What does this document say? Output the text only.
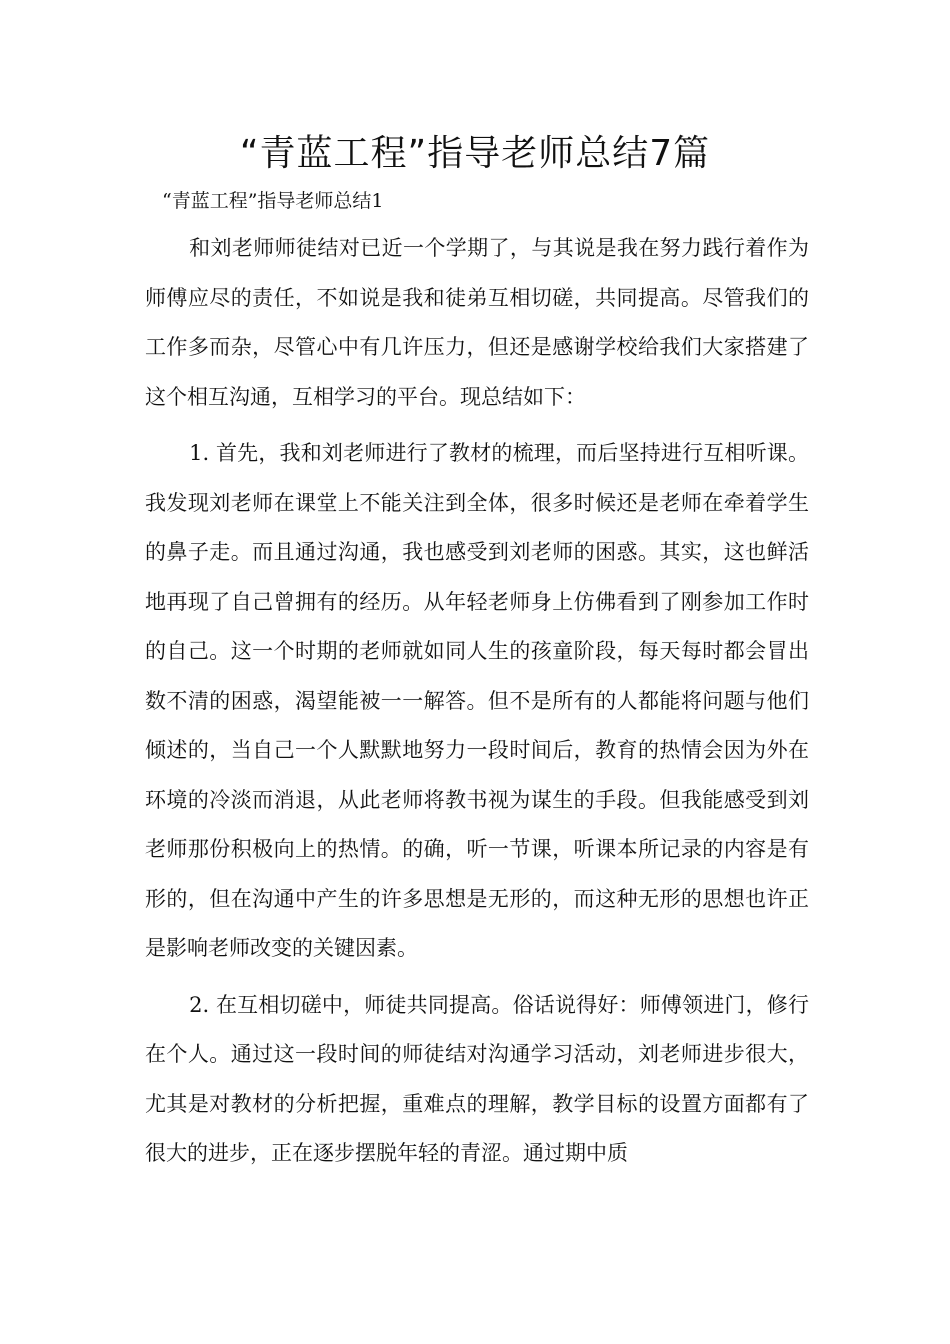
“青蓝工程”指导老师总结7篇
“青蓝工程”指导老师总结1

和刘老师师徒结对已近一个学期了，与其说是我在努力践行着作为师傅应尽的责任，不如说是我和徒弟互相切磋，共同提高。尽管我们的工作多而杂，尽管心中有几许压力，但还是感谢学校给我们大家搭建了这个相互沟通，互相学习的平台。现总结如下：

1. 首先，我和刘老师进行了教材的梳理，而后坚持进行互相听课。我发现刘老师在课堂上不能关注到全体，很多时候还是老师在牵着学生的鼻子走。而且通过沟通，我也感受到刘老师的困惑。其实，这也鲜活地再现了自己曾拥有的经历。从年轻老师身上仿佛看到了刚参加工作时的自己。这一个时期的老师就如同人生的孩童阶段，每天每时都会冒出数不清的困惑，渴望能被一一解答。但不是所有的人都能将问题与他们倾述的，当自己一个人默默地努力一段时间后，教育的热情会因为外在环境的冷淡而消退，从此老师将教书视为谋生的手段。但我能感受到刘老师那份积极向上的热情。的确，听一节课，听课本所记录的内容是有形的，但在沟通中产生的许多思想是无形的，而这种无形的思想也许正是影响老师改变的关键因素。

2. 在互相切磋中，师徒共同提高。俗话说得好：师傅领进门，修行在个人。通过这一段时间的师徒结对沟通学习活动，刘老师进步很大，尤其是对教材的分析把握，重难点的理解，教学目标的设置方面都有了很大的进步，正在逐步摆脱年轻的青涩。通过期中质
